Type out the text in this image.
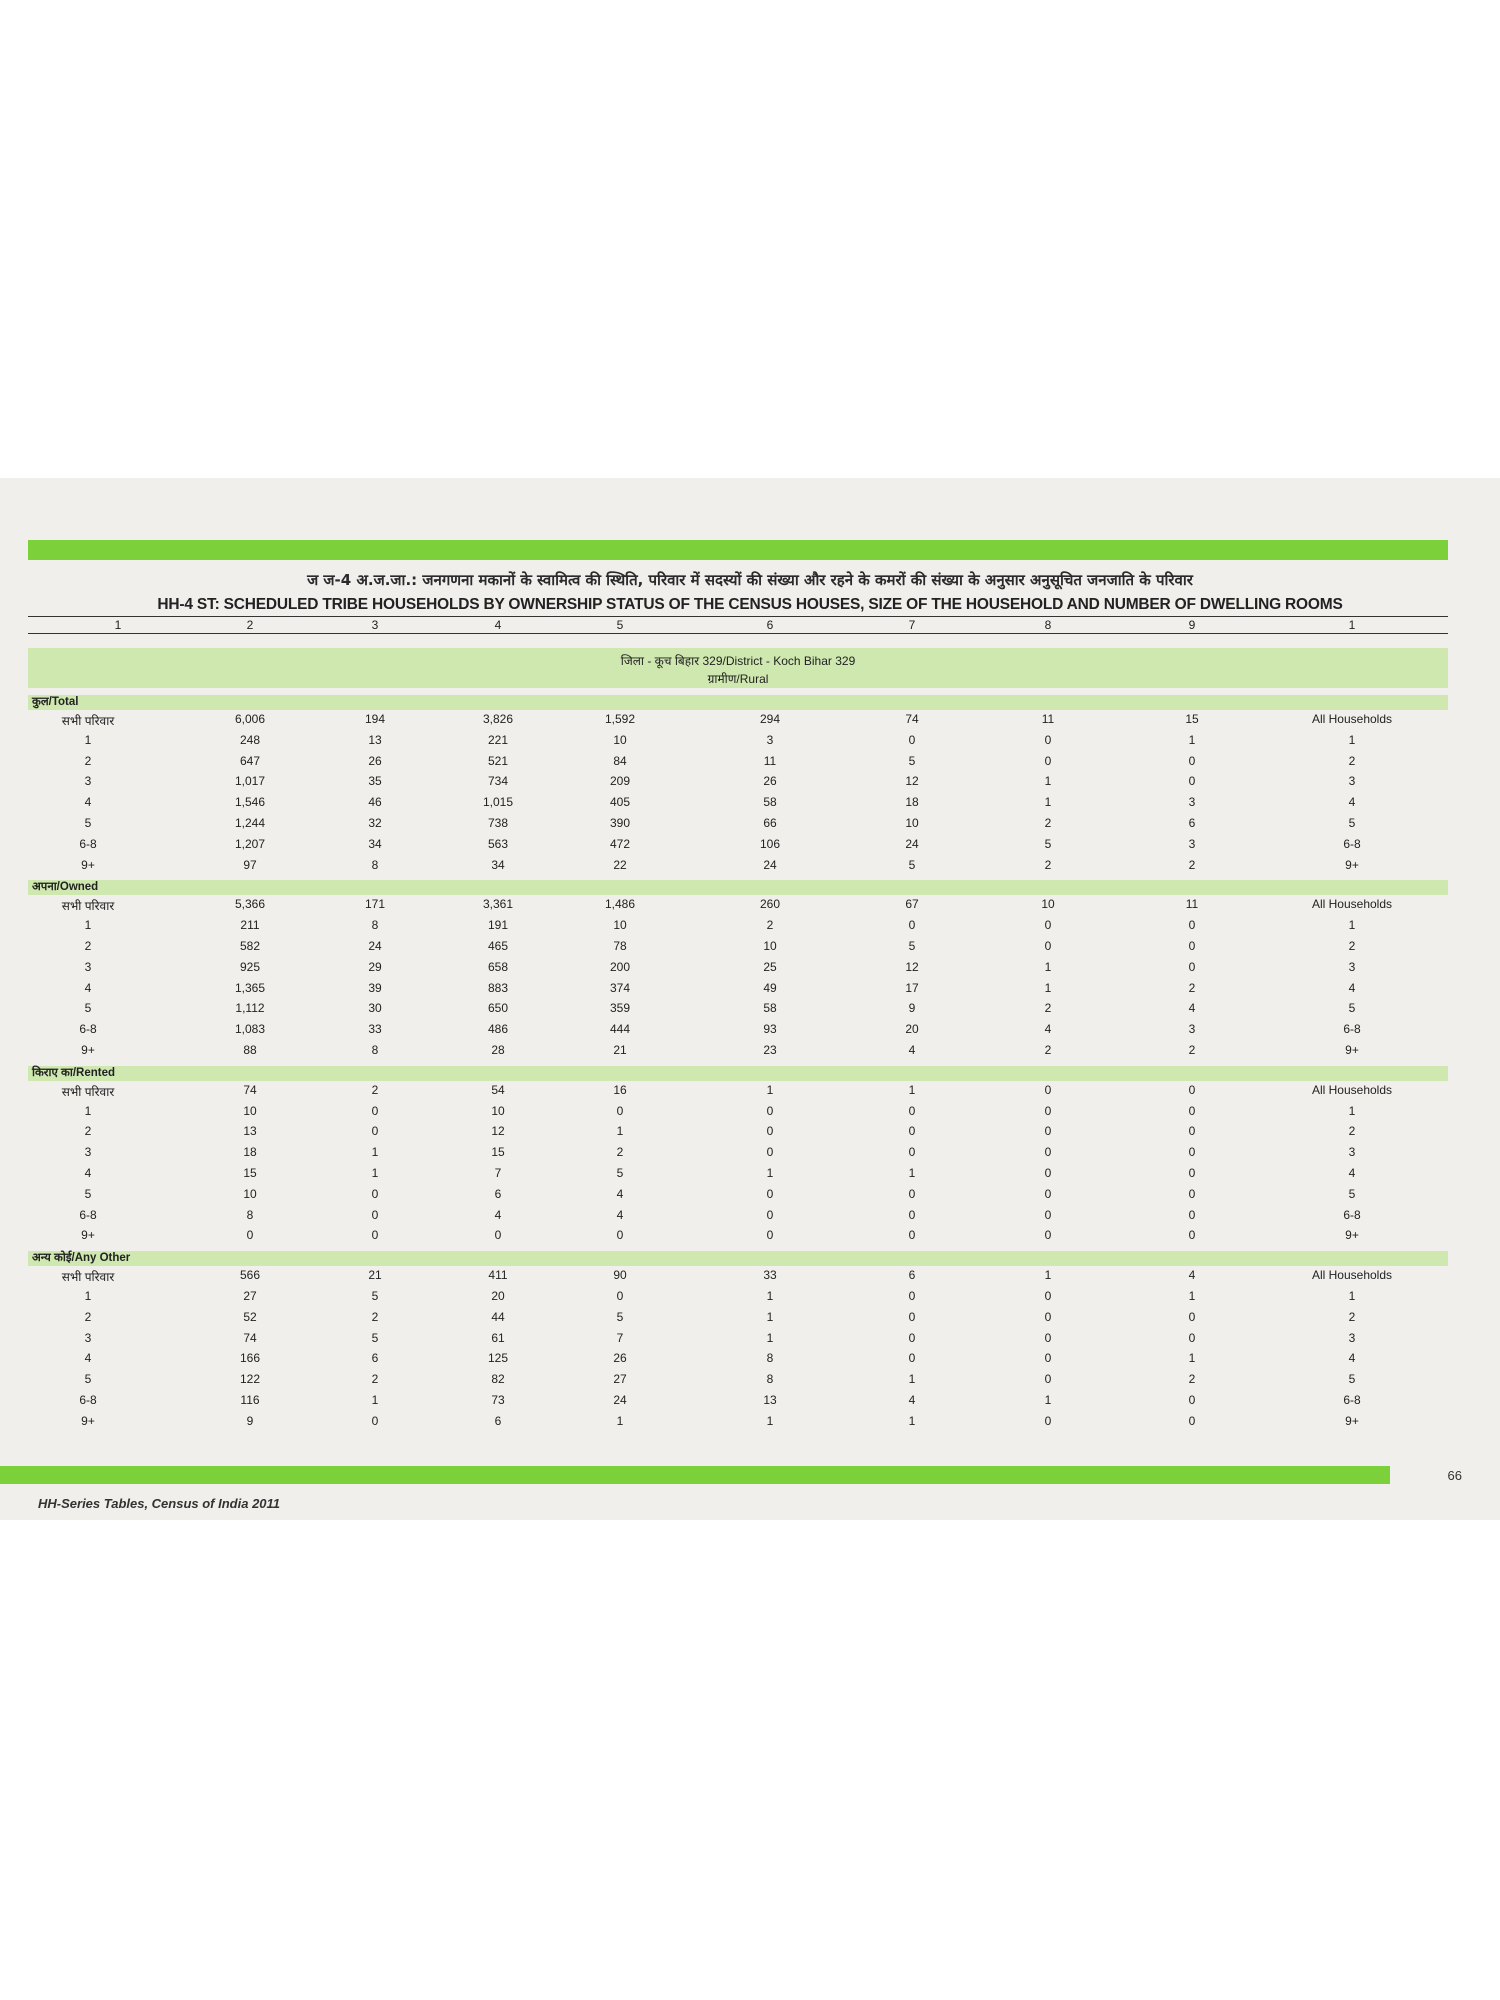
ज ज-4 अ.ज.जा.: जनगणना मकानों के स्वामित्व की स्थिति, परिवार में सदस्यों की संख्या और रहने के कमरों की संख्या के अनुसार अनुसूचित जनजाति के परिवार
HH-4 ST: SCHEDULED TRIBE HOUSEHOLDS BY OWNERSHIP STATUS OF THE CENSUS HOUSES, SIZE OF THE HOUSEHOLD AND NUMBER OF DWELLING ROOMS
1	2	3	4	5	6	7	8	9	1
जिला - कूच बिहार 329/District - Koch Bihar 329
ग्रामीण/Rural
कुल/Total
सभी परिवार	6,006	194	3,826	1,592	294	74	11	15	All Households
1	248	13	221	10	3	0	0	1	1
2	647	26	521	84	11	5	0	0	2
3	1,017	35	734	209	26	12	1	0	3
4	1,546	46	1,015	405	58	18	1	3	4
5	1,244	32	738	390	66	10	2	6	5
6-8	1,207	34	563	472	106	24	5	3	6-8
9+	97	8	34	22	24	5	2	2	9+
अपना/Owned
सभी परिवार	5,366	171	3,361	1,486	260	67	10	11	All Households
1	211	8	191	10	2	0	0	0	1
2	582	24	465	78	10	5	0	0	2
3	925	29	658	200	25	12	1	0	3
4	1,365	39	883	374	49	17	1	2	4
5	1,112	30	650	359	58	9	2	4	5
6-8	1,083	33	486	444	93	20	4	3	6-8
9+	88	8	28	21	23	4	2	2	9+
किराए का/Rented
सभी परिवार	74	2	54	16	1	1	0	0	All Households
1	10	0	10	0	0	0	0	0	1
2	13	0	12	1	0	0	0	0	2
3	18	1	15	2	0	0	0	0	3
4	15	1	7	5	1	1	0	0	4
5	10	0	6	4	0	0	0	0	5
6-8	8	0	4	4	0	0	0	0	6-8
9+	0	0	0	0	0	0	0	0	9+
अन्य कोई/Any Other
सभी परिवार	566	21	411	90	33	6	1	4	All Households
1	27	5	20	0	1	0	0	1	1
2	52	2	44	5	1	0	0	0	2
3	74	5	61	7	1	0	0	0	3
4	166	6	125	26	8	0	0	1	4
5	122	2	82	27	8	1	0	2	5
6-8	116	1	73	24	13	4	1	0	6-8
9+	9	0	6	1	1	1	0	0	9+
66
HH-Series Tables, Census of India 2011
